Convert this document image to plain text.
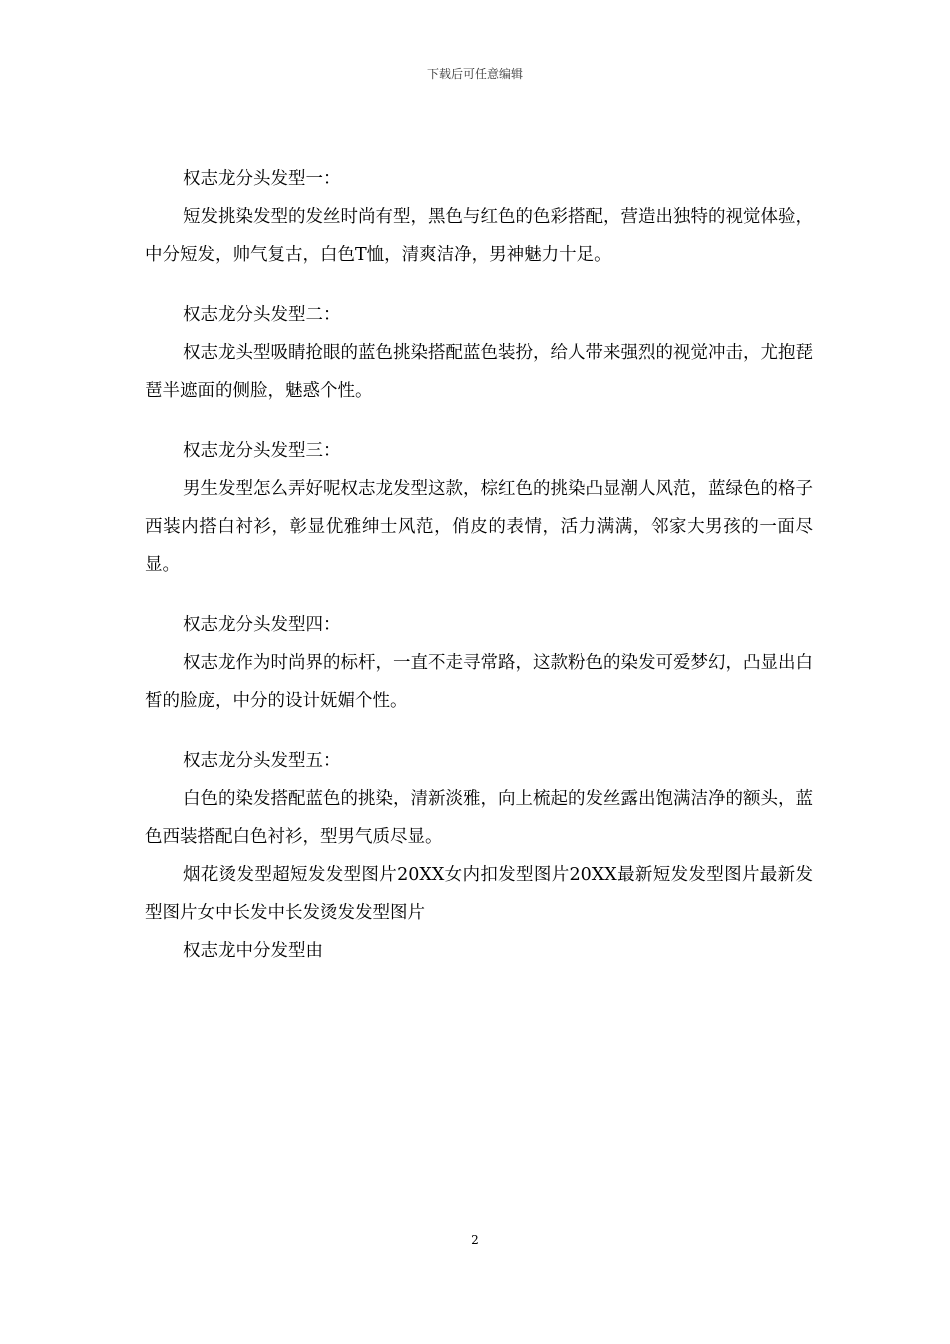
下载后可任意编辑

权志龙分头发型一：

短发挑染发型的发丝时尚有型，黑色与红色的色彩搭配，营造出独特的视觉体验，中分短发，帅气复古，白色T恤，清爽洁净，男神魅力十足。

权志龙分头发型二：

权志龙头型吸睛抢眼的蓝色挑染搭配蓝色装扮，给人带来强烈的视觉冲击，尤抱琵琶半遮面的侧脸，魅惑个性。

权志龙分头发型三：

男生发型怎么弄好呢权志龙发型这款，棕红色的挑染凸显潮人风范，蓝绿色的格子西装内搭白衬衫，彰显优雅绅士风范，俏皮的表情，活力满满，邻家大男孩的一面尽显。

权志龙分头发型四：

权志龙作为时尚界的标杆，一直不走寻常路，这款粉色的染发可爱梦幻，凸显出白皙的脸庞，中分的设计妩媚个性。

权志龙分头发型五：

白色的染发搭配蓝色的挑染，清新淡雅，向上梳起的发丝露出饱满洁净的额头，蓝色西装搭配白色衬衫，型男气质尽显。

烟花烫发型超短发发型图片20XX女内扣发型图片20XX最新短发发型图片最新发型图片女中长发中长发烫发发型图片

权志龙中分发型由

2
